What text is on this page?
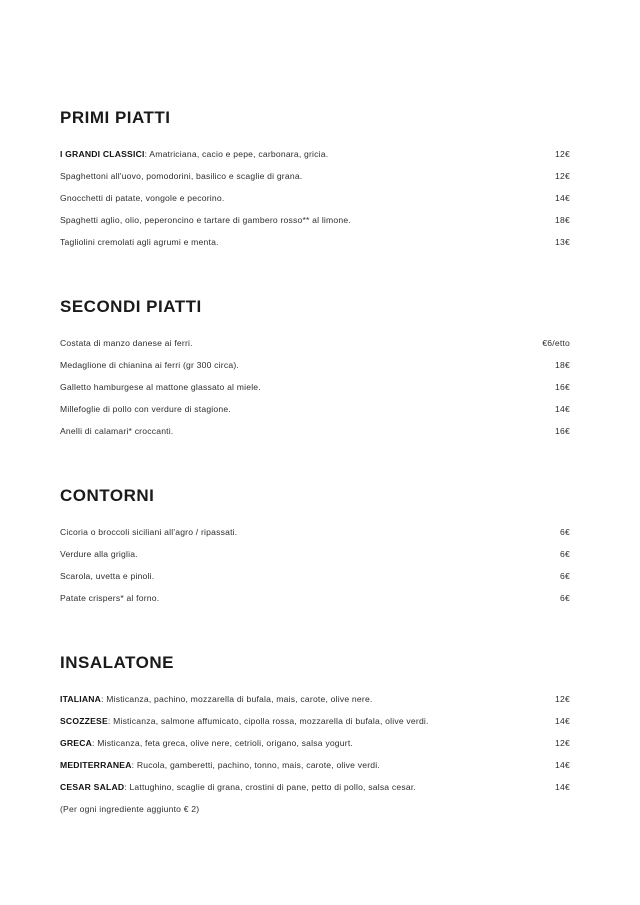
PRIMI PIATTI
I GRANDI CLASSICI: Amatriciana, cacio e pepe, carbonara, gricia.	12€
Spaghettoni all'uovo, pomodorini, basilico e scaglie di grana.	12€
Gnocchetti di patate, vongole e pecorino.	14€
Spaghetti aglio, olio, peperoncino e tartare di gambero rosso** al limone.	18€
Tagliolini cremolati agli agrumi e menta.	13€
SECONDI PIATTI
Costata di manzo danese ai ferri.	€6/etto
Medaglione di chianina ai ferri (gr 300 circa).	18€
Galletto hamburgese al mattone glassato al miele.	16€
Millefoglie di pollo con verdure di stagione.	14€
Anelli di calamari* croccanti.	16€
CONTORNI
Cicoria o broccoli siciliani all'agro / ripassati.	6€
Verdure alla griglia.	6€
Scarola, uvetta e pinoli.	6€
Patate crispers* al forno.	6€
INSALATONE
ITALIANA: Misticanza, pachino, mozzarella di bufala, mais, carote, olive nere.	12€
SCOZZESE: Misticanza, salmone affumicato, cipolla rossa, mozzarella di bufala, olive verdi.	14€
GRECA: Misticanza, feta greca, olive nere, cetrioli, origano, salsa yogurt.	12€
MEDITERRANEA: Rucola, gamberetti, pachino, tonno, mais, carote, olive verdi.	14€
CESAR SALAD: Lattughino, scaglie di grana, crostini di pane, petto di pollo, salsa cesar.	14€
(Per ogni ingrediente aggiunto € 2)
